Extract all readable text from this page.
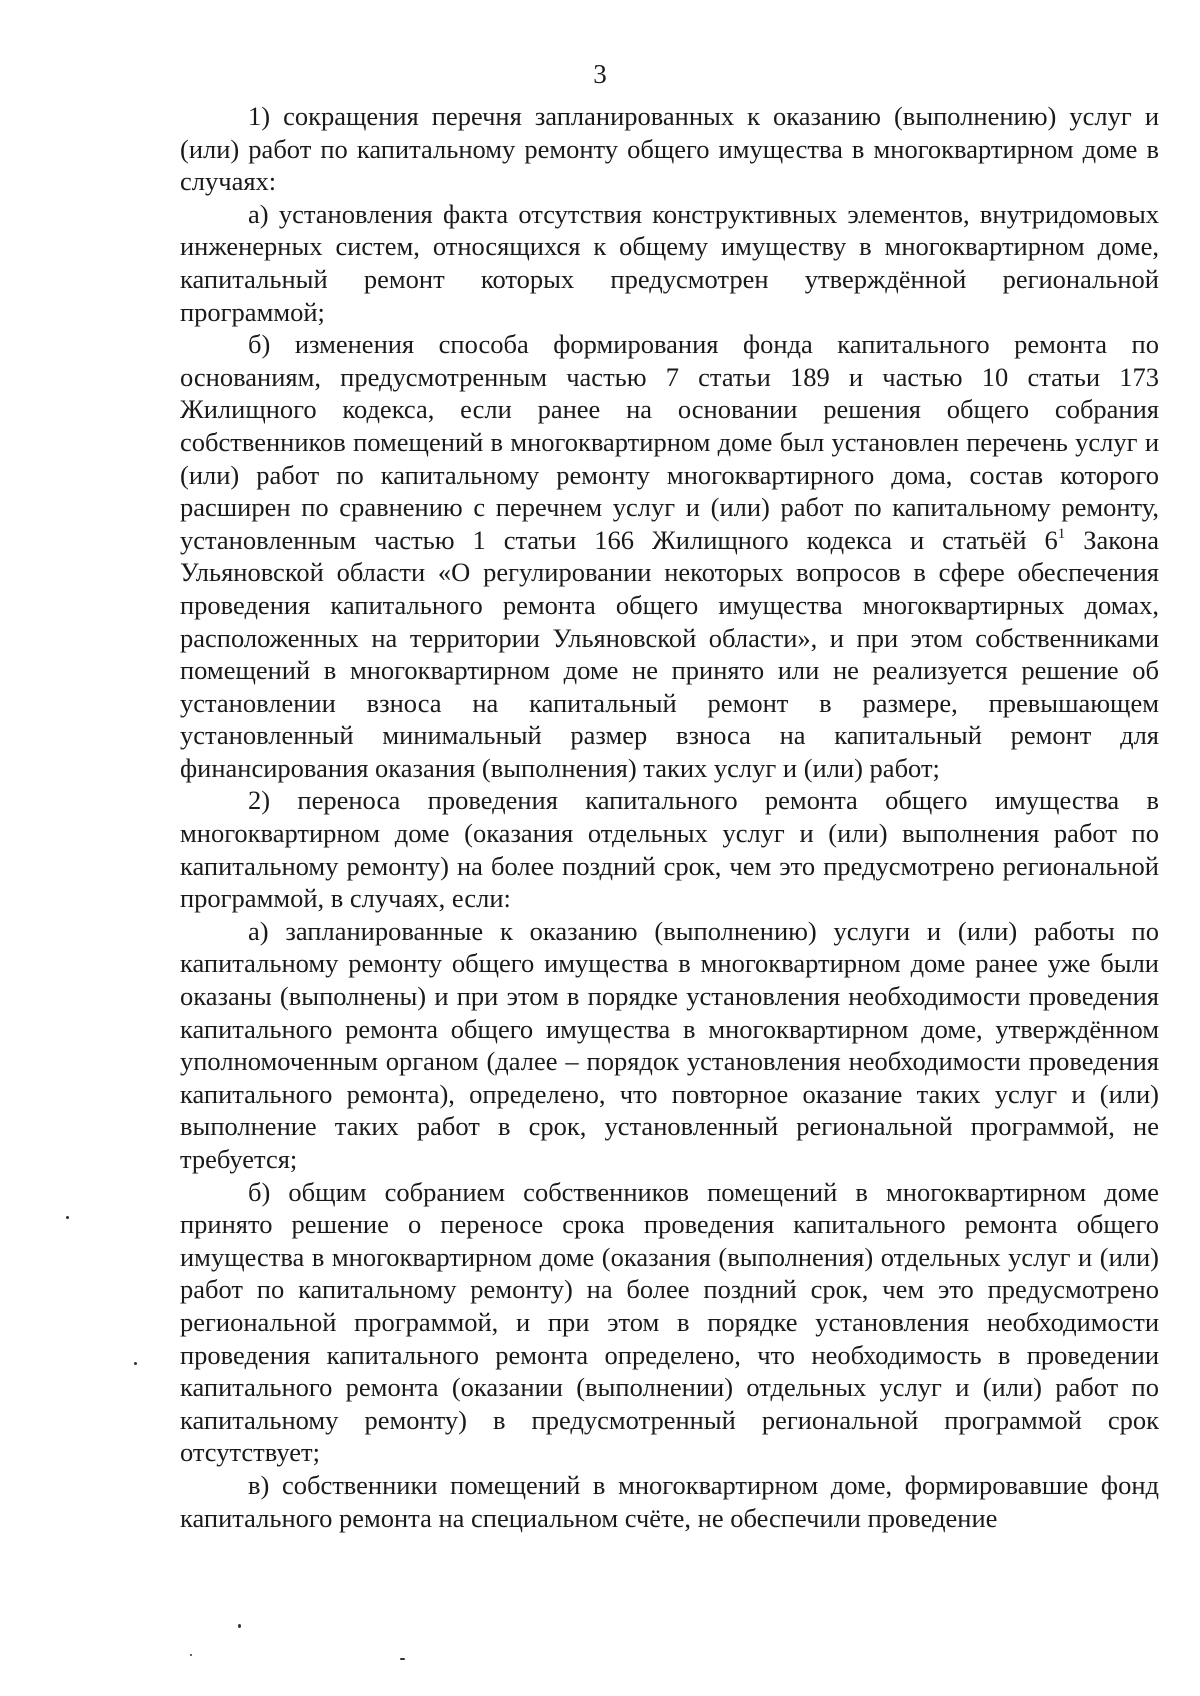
3

1) сокращения перечня запланированных к оказанию (выполнению) услуг и (или) работ по капитальному ремонту общего имущества в многоквартирном доме в случаях:

а) установления факта отсутствия конструктивных элементов, внутридомовых инженерных систем, относящихся к общему имуществу в многоквартирном доме, капитальный ремонт которых предусмотрен утверждённой региональной программой;

б) изменения способа формирования фонда капитального ремонта по основаниям, предусмотренным частью 7 статьи 189 и частью 10 статьи 173 Жилищного кодекса, если ранее на основании решения общего собрания собственников помещений в многоквартирном доме был установлен перечень услуг и (или) работ по капитальному ремонту многоквартирного дома, состав которого расширен по сравнению с перечнем услуг и (или) работ по капитальному ремонту, установленным частью 1 статьи 166 Жилищного кодекса и статьёй $6^1$ Закона Ульяновской области «О регулировании некоторых вопросов в сфере обеспечения проведения капитального ремонта общего имущества многоквартирных домах, расположенных на территории Ульяновской области», и при этом собственниками помещений в многоквартирном доме не принято или не реализуется решение об установлении взноса на капитальный ремонт в размере, превышающем установленный минимальный размер взноса на капитальный ремонт для финансирования оказания (выполнения) таких услуг и (или) работ;

2) переноса проведения капитального ремонта общего имущества в многоквартирном доме (оказания отдельных услуг и (или) выполнения работ по капитальному ремонту) на более поздний срок, чем это предусмотрено региональной программой, в случаях, если:

а) запланированные к оказанию (выполнению) услуги и (или) работы по капитальному ремонту общего имущества в многоквартирном доме ранее уже были оказаны (выполнены) и при этом в порядке установления необходимости проведения капитального ремонта общего имущества в многоквартирном доме, утверждённом уполномоченным органом (далее – порядок установления необходимости проведения капитального ремонта), определено, что повторное оказание таких услуг и (или) выполнение таких работ в срок, установленный региональной программой, не требуется;

б) общим собранием собственников помещений в многоквартирном доме принято решение о переносе срока проведения капитального ремонта общего имущества в многоквартирном доме (оказания (выполнения) отдельных услуг и (или) работ по капитальному ремонту) на более поздний срок, чем это предусмотрено региональной программой, и при этом в порядке установления необходимости проведения капитального ремонта определено, что необходимость в проведении капитального ремонта (оказании (выполнении) отдельных услуг и (или) работ по капитальному ремонту) в предусмотренный региональной программой срок отсутствует;

в) собственники помещений в многоквартирном доме, формировавшие фонд капитального ремонта на специальном счёте, не обеспечили проведение
